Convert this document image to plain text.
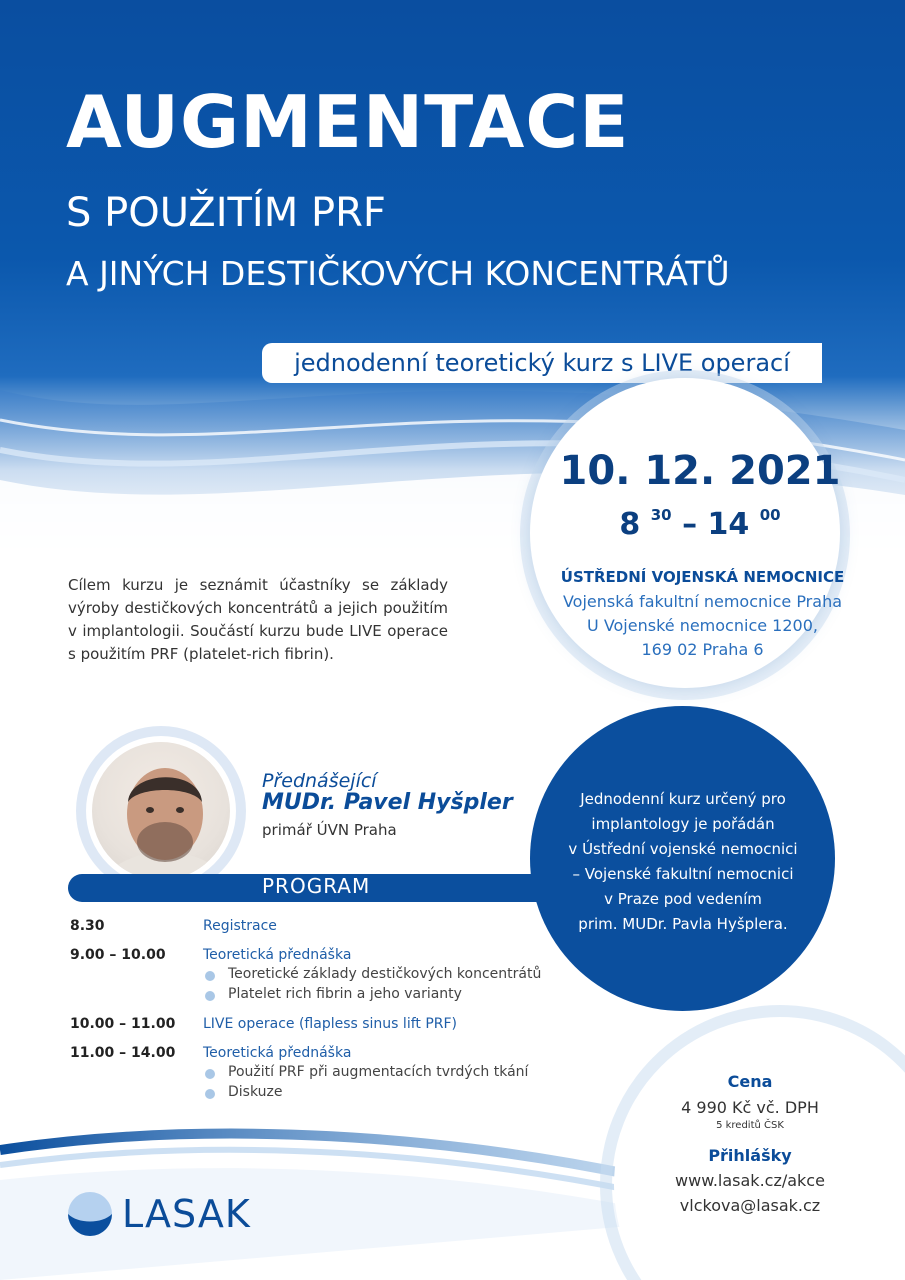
AUGMENTACE
S POUŽITÍM PRF
A JINÝCH DESTIČKOVÝCH KONCENTRÁTŮ
jednodenní teoretický kurz s LIVE operací
10. 12. 2021
8 $^{30}$ – 14 $^{00}$
ÚSTŘEDNÍ VOJENSKÁ NEMOCNICE
Vojenská fakultní nemocnice Praha
U Vojenské nemocnice 1200,
169 02 Praha 6
Cílem kurzu je seznámit účastníky se základy výroby destičkových koncentrátů a jejich použitím v implantologii. Součástí kurzu bude LIVE operace s použitím PRF (platelet-rich fibrin).
Přednášející
MUDr. Pavel Hyšpler
primář ÚVN Praha
Jednodenní kurz určený pro
implantology je pořádán
v Ústřední vojenské nemocnici
– Vojenské fakultní nemocnici
v Praze pod vedením
prim. MUDr. Pavla Hyšplera.
PROGRAM
8.30	Registrace
9.00 – 10.00	Teoretická přednáška
Teoretické základy destičkových koncentrátů
Platelet rich fibrin a jeho varianty
10.00 – 11.00 LIVE operace (flapless sinus lift PRF)
11.00 – 14.00 Teoretická přednáška
Použití PRF při augmentacích tvrdých tkání
Diskuze
Cena
4 990 Kč vč. DPH
5 kreditů ČSK
Přihlášky
www.lasak.cz/akce
vlckova@lasak.cz
LASAK
